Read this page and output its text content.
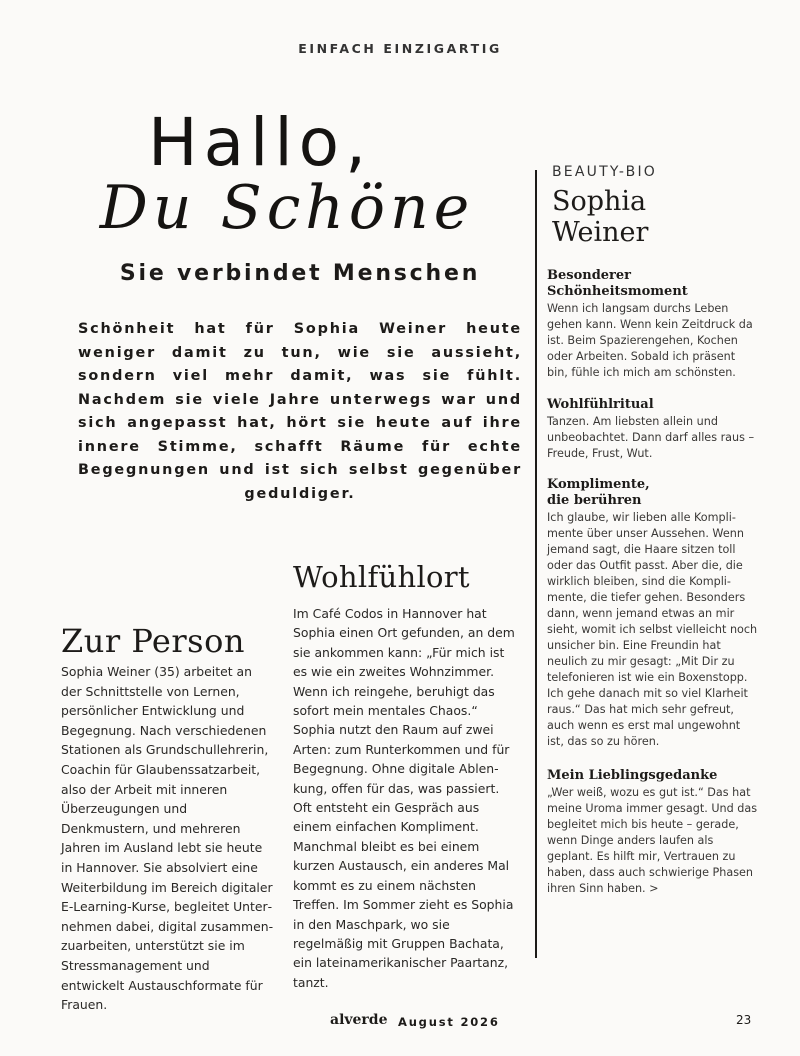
EINFACH EINZIGARTIG
Hallo,
Du Schöne
Sie verbindet Menschen
Schönheit hat für Sophia Weiner heute weniger damit zu tun, wie sie aussieht, sondern viel mehr damit, was sie fühlt. Nachdem sie viele Jahre unterwegs war und sich angepasst hat, hört sie heute auf ihre innere Stimme, schafft Räume für echte Begegnungen und ist sich selbst gegenüber geduldiger.
Zur Person
Sophia Weiner (35) arbeitet an der Schnittstelle von Lernen, persönlicher Entwicklung und Begegnung. Nach verschiedenen Stationen als Grundschullehrerin, Coachin für Glaubenssatzarbeit, also der Arbeit mit inneren Überzeugungen und Denkmustern, und mehreren Jahren im Ausland lebt sie heute in Hannover. Sie absolviert eine Weiterbildung im Bereich digitaler E-Learning-Kurse, begleitet Unternehmen dabei, digital zusammenzuarbeiten, unterstützt sie im Stressmanagement und entwickelt Austauschformate für Frauen.
Wohlfühlort
Im Café Codos in Hannover hat Sophia einen Ort gefunden, an dem sie ankommen kann: „Für mich ist es wie ein zweites Wohnzimmer. Wenn ich reingehe, beruhigt das sofort mein mentales Chaos.“ Sophia nutzt den Raum auf zwei Arten: zum Runterkommen und für Begegnung. Ohne digitale Ablenkung, offen für das, was passiert. Oft entsteht ein Gespräch aus einem einfachen Kompliment. Manchmal bleibt es bei einem kurzen Austausch, ein anderes Mal kommt es zu einem nächsten Treffen. Im Sommer zieht es Sophia in den Maschpark, wo sie regelmäßig mit Gruppen Bachata, ein lateinamerikanischer Paartanz, tanzt.
BEAUTY-BIO
Sophia
Weiner
Besonderer Schönheitsmoment

Wenn ich langsam durchs Leben gehen kann. Wenn kein Zeitdruck da ist. Beim Spazierengehen, Kochen oder Arbeiten. Sobald ich präsent bin, fühle ich mich am schönsten.

Wohlfühlritual

Tanzen. Am liebsten allein und unbeobachtet. Dann darf alles raus – Freude, Frust, Wut.

Komplimente, die berühren

Ich glaube, wir lieben alle Komplimente über unser Aussehen. Wenn jemand sagt, die Haare sitzen toll oder das Outfit passt. Aber die, die wirklich bleiben, sind die Komplimente, die tiefer gehen. Besonders dann, wenn jemand etwas an mir sieht, womit ich selbst vielleicht noch unsicher bin. Eine Freundin hat neulich zu mir gesagt: „Mit Dir zu telefonieren ist wie ein Boxenstopp. Ich gehe danach mit so viel Klarheit raus.“ Das hat mich sehr gefreut, auch wenn es erst mal ungewohnt ist, das so zu hören.

Mein Lieblingsgedanke

„Wer weiß, wozu es gut ist.“ Das hat meine Uroma immer gesagt. Und das begleitet mich bis heute – gerade, wenn Dinge anders laufen als geplant. Es hilft mir, Vertrauen zu haben, dass auch schwierige Phasen ihren Sinn haben. >

alverde August 2026	23
